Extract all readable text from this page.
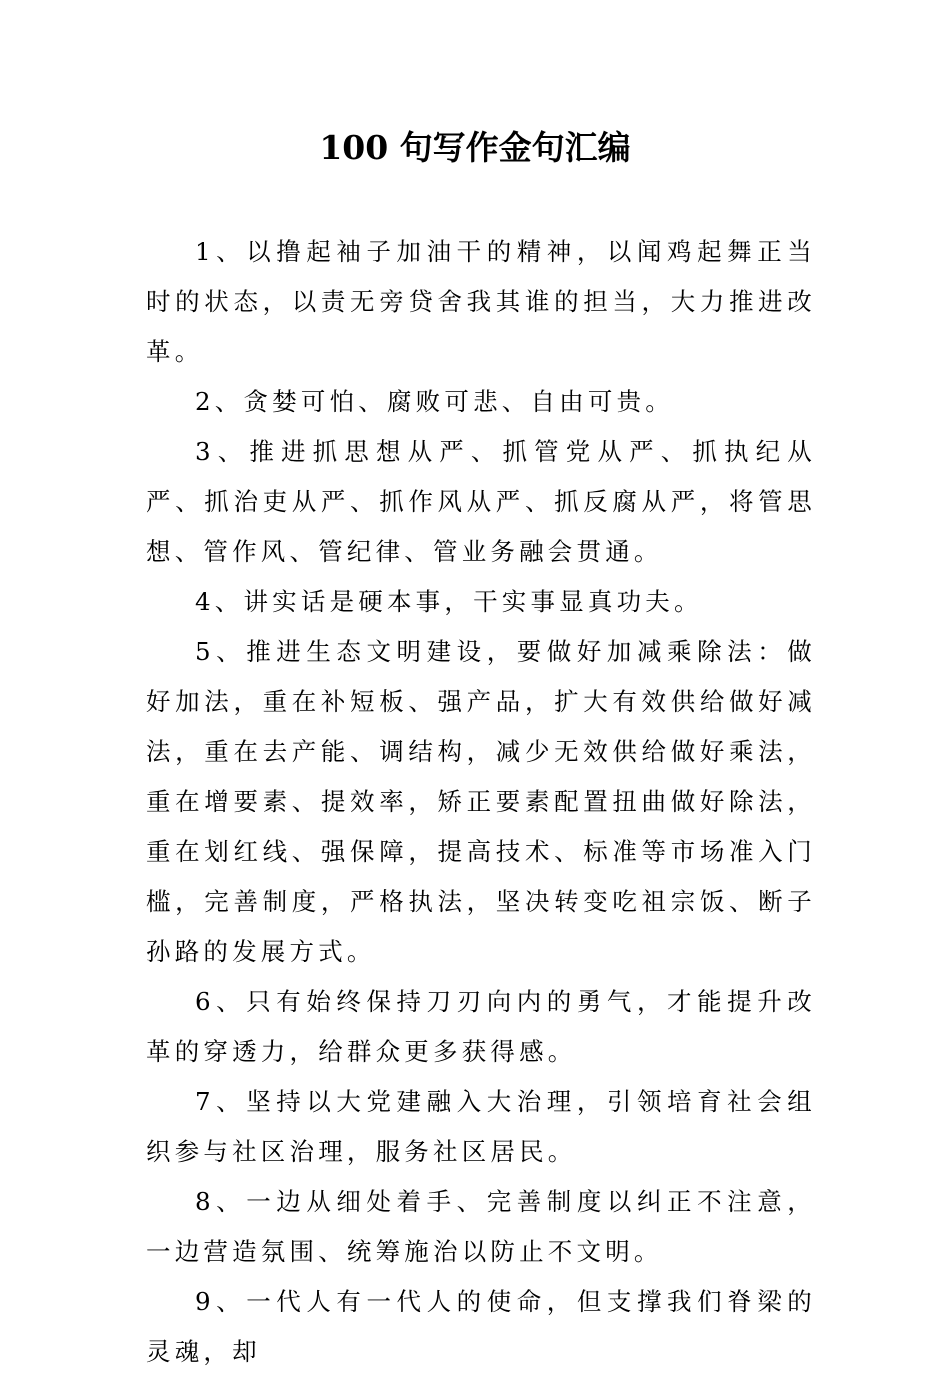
100 句写作金句汇编

1、以撸起袖子加油干的精神，以闻鸡起舞正当时的状态，以责无旁贷舍我其谁的担当，大力推进改革。

2、贪婪可怕、腐败可悲、自由可贵。

3、推进抓思想从严、抓管党从严、抓执纪从严、抓治吏从严、抓作风从严、抓反腐从严，将管思想、管作风、管纪律、管业务融会贯通。

4、讲实话是硬本事，干实事显真功夫。

5、推进生态文明建设，要做好加减乘除法：做好加法，重在补短板、强产品，扩大有效供给做好减法，重在去产能、调结构，减少无效供给做好乘法，重在增要素、提效率，矫正要素配置扭曲做好除法，重在划红线、强保障，提高技术、标准等市场准入门槛，完善制度，严格执法，坚决转变吃祖宗饭、断子孙路的发展方式。

6、只有始终保持刀刃向内的勇气，才能提升改革的穿透力，给群众更多获得感。

7、坚持以大党建融入大治理，引领培育社会组织参与社区治理，服务社区居民。

8、一边从细处着手、完善制度以纠正不注意，一边营造氛围、统筹施治以防止不文明。

9、一代人有一代人的使命，但支撑我们脊梁的灵魂，却
